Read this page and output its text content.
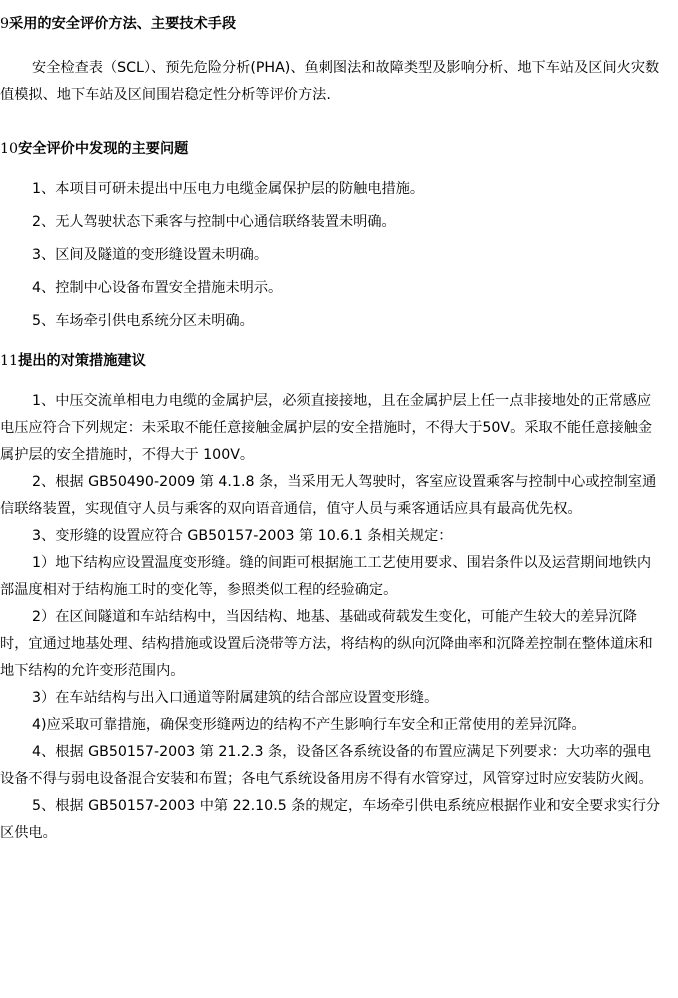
9采用的安全评价方法、主要技术手段

安全检查表（SCL）、预先危险分析(PHA)、鱼刺图法和故障类型及影响分析、地下车站及区间火灾数值模拟、地下车站及区间围岩稳定性分析等评价方法.

10安全评价中发现的主要问题

1、本项目可研未提出中压电力电缆金属保护层的防触电措施。

2、无人驾驶状态下乘客与控制中心通信联络装置未明确。

3、区间及隧道的变形缝设置未明确。

4、控制中心设备布置安全措施未明示。

5、车场牵引供电系统分区未明确。

11提出的对策措施建议

1、中压交流单相电力电缆的金属护层，必须直接接地，且在金属护层上任一点非接地处的正常感应电压应符合下列规定：未采取不能任意接触金属护层的安全措施时，不得大于50V。采取不能任意接触金属护层的安全措施时，不得大于 100V。

2、根据 GB50490-2009 第 4.1.8 条，当采用无人驾驶时，客室应设置乘客与控制中心或控制室通信联络装置，实现值守人员与乘客的双向语音通信，值守人员与乘客通话应具有最高优先权。

3、变形缝的设置应符合 GB50157-2003 第 10.6.1 条相关规定：

1）地下结构应设置温度变形缝。缝的间距可根据施工工艺使用要求、围岩条件以及运营期间地铁内部温度相对于结构施工时的变化等，参照类似工程的经验确定。

2）在区间隧道和车站结构中，当因结构、地基、基础或荷载发生变化，可能产生较大的差异沉降时，宜通过地基处理、结构措施或设置后浇带等方法，将结构的纵向沉降曲率和沉降差控制在整体道床和地下结构的允许变形范围内。

3）在车站结构与出入口通道等附属建筑的结合部应设置变形缝。

4)应采取可靠措施，确保变形缝两边的结构不产生影响行车安全和正常使用的差异沉降。

4、根据 GB50157-2003 第 21.2.3 条，设备区各系统设备的布置应满足下列要求：大功率的强电设备不得与弱电设备混合安装和布置；各电气系统设备用房不得有水管穿过，风管穿过时应安装防火阀。

5、根据 GB50157-2003 中第 22.10.5 条的规定，车场牵引供电系统应根据作业和安全要求实行分区供电。
